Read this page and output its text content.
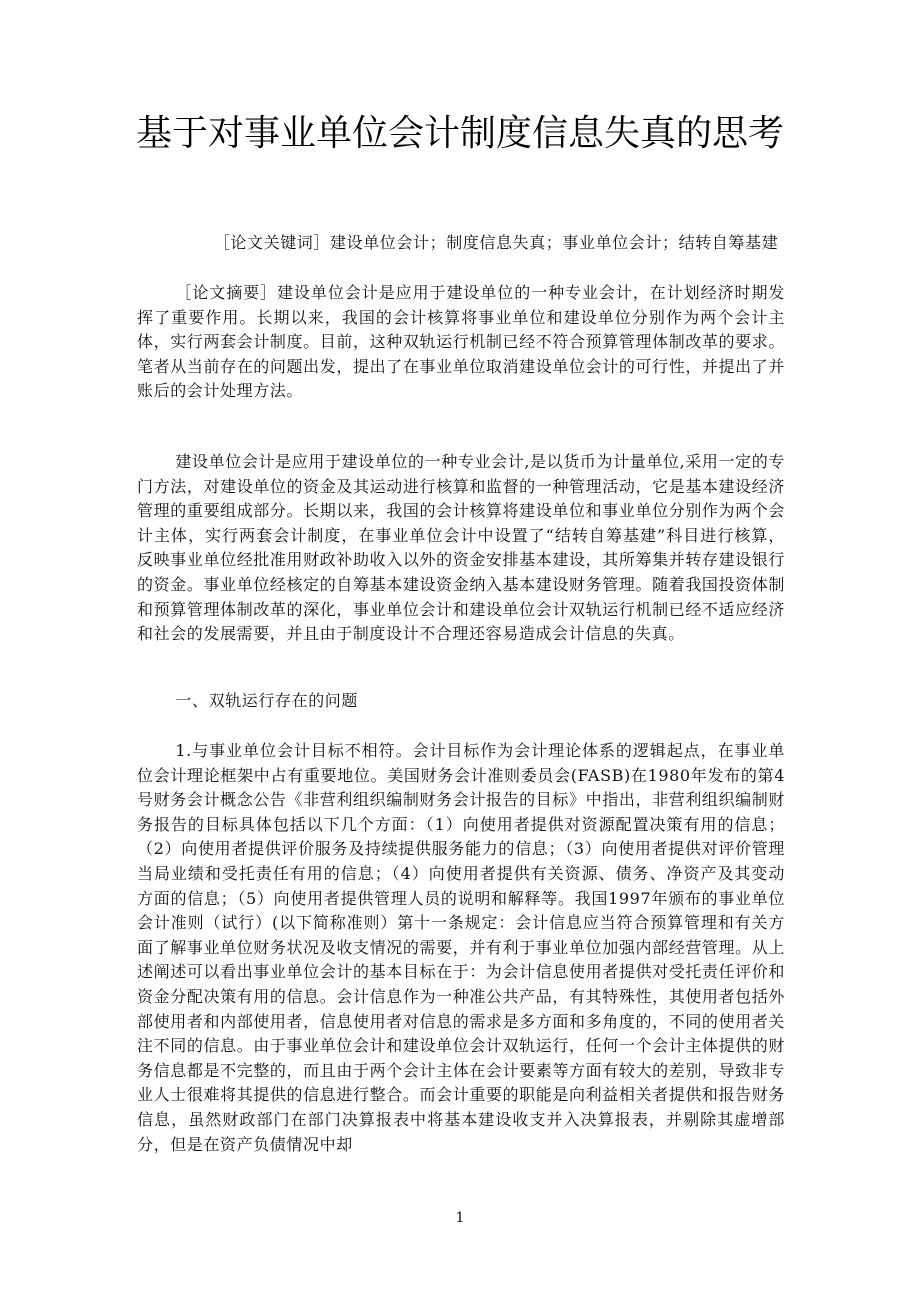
基于对事业单位会计制度信息失真的思考

［论文关键词］建设单位会计；制度信息失真；事业单位会计；结转自筹基建

［论文摘要］建设单位会计是应用于建设单位的一种专业会计，在计划经济时期发挥了重要作用。长期以来，我国的会计核算将事业单位和建设单位分别作为两个会计主体，实行两套会计制度。目前，这种双轨运行机制已经不符合预算管理体制改革的要求。笔者从当前存在的问题出发，提出了在事业单位取消建设单位会计的可行性，并提出了并账后的会计处理方法。

建设单位会计是应用于建设单位的一种专业会计,是以货币为计量单位,采用一定的专门方法，对建设单位的资金及其运动进行核算和监督的一种管理活动，它是基本建设经济管理的重要组成部分。长期以来，我国的会计核算将建设单位和事业单位分别作为两个会计主体，实行两套会计制度，在事业单位会计中设置了“结转自筹基建”科目进行核算，反映事业单位经批准用财政补助收入以外的资金安排基本建设，其所筹集并转存建设银行的资金。事业单位经核定的自筹基本建设资金纳入基本建设财务管理。随着我国投资体制和预算管理体制改革的深化，事业单位会计和建设单位会计双轨运行机制已经不适应经济和社会的发展需要，并且由于制度设计不合理还容易造成会计信息的失真。

一、双轨运行存在的问题

1.与事业单位会计目标不相符。会计目标作为会计理论体系的逻辑起点，在事业单位会计理论框架中占有重要地位。美国财务会计准则委员会(FASB)在1980年发布的第4号财务会计概念公告《非营利组织编制财务会计报告的目标》中指出，非营利组织编制财务报告的目标具体包括以下几个方面：（1）向使用者提供对资源配置决策有用的信息；（2）向使用者提供评价服务及持续提供服务能力的信息；（3）向使用者提供对评价管理当局业绩和受托责任有用的信息；（4）向使用者提供有关资源、债务、净资产及其变动方面的信息；（5）向使用者提供管理人员的说明和解释等。我国1997年颁布的事业单位会计准则（试行）(以下简称准则）第十一条规定：会计信息应当符合预算管理和有关方面了解事业单位财务状况及收支情况的需要，并有利于事业单位加强内部经营管理。从上述阐述可以看出事业单位会计的基本目标在于：为会计信息使用者提供对受托责任评价和资金分配决策有用的信息。会计信息作为一种准公共产品，有其特殊性，其使用者包括外部使用者和内部使用者，信息使用者对信息的需求是多方面和多角度的，不同的使用者关注不同的信息。由于事业单位会计和建设单位会计双轨运行，任何一个会计主体提供的财务信息都是不完整的，而且由于两个会计主体在会计要素等方面有较大的差别，导致非专业人士很难将其提供的信息进行整合。而会计重要的职能是向利益相关者提供和报告财务信息，虽然财政部门在部门决算报表中将基本建设收支并入决算报表，并剔除其虚增部分，但是在资产负债情况中却

1
